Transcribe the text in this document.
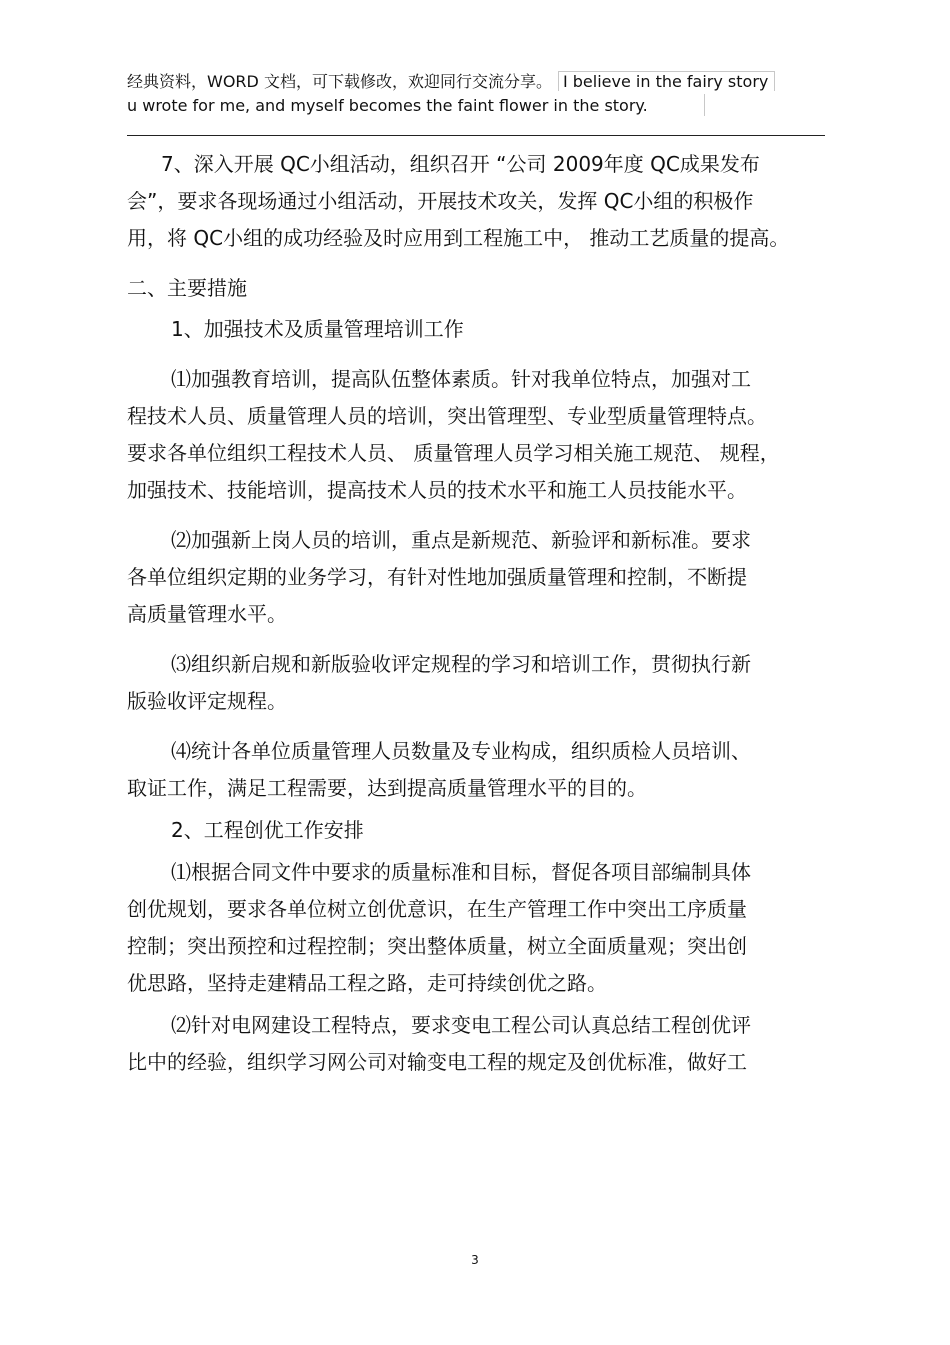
经典资料，WORD 文档，可下载修改，欢迎同行交流分享。 I believe in the fairy story
u wrote for me, and myself becomes the faint flower in the story.
7、深入开展 QC小组活动，组织召开 “公司 2009年度 QC成果发布
会”，要求各现场通过小组活动，开展技术攻关，发挥 QC小组的积极作
用，将 QC小组的成功经验及时应用到工程施工中， 推动工艺质量的提高。
二、主要措施
1、加强技术及质量管理培训工作
⑴加强教育培训，提高队伍整体素质。针对我单位特点，加强对工
程技术人员、质量管理人员的培训，突出管理型、专业型质量管理特点。
要求各单位组织工程技术人员、 质量管理人员学习相关施工规范、 规程，
加强技术、技能培训，提高技术人员的技术水平和施工人员技能水平。
⑵加强新上岗人员的培训，重点是新规范、新验评和新标准。要求
各单位组织定期的业务学习，有针对性地加强质量管理和控制，不断提
高质量管理水平。
⑶组织新启规和新版验收评定规程的学习和培训工作，贯彻执行新
版验收评定规程。
⑷统计各单位质量管理人员数量及专业构成，组织质检人员培训、
取证工作，满足工程需要，达到提高质量管理水平的目的。
2、工程创优工作安排
⑴根据合同文件中要求的质量标准和目标，督促各项目部编制具体
创优规划，要求各单位树立创优意识，在生产管理工作中突出工序质量
控制；突出预控和过程控制；突出整体质量，树立全面质量观；突出创
优思路，坚持走建精品工程之路，走可持续创优之路。
⑵针对电网建设工程特点，要求变电工程公司认真总结工程创优评
比中的经验，组织学习网公司对输变电工程的规定及创优标准，做好工
3
